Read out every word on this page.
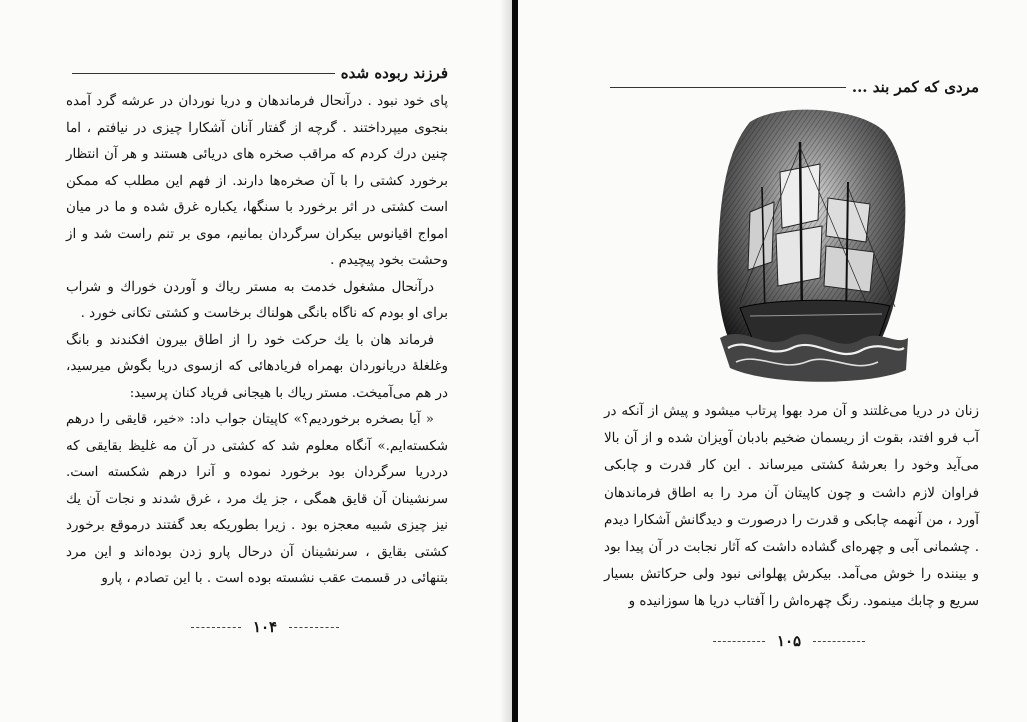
فرزند ربوده شده

پای خود نبود . درآنحال فرماندهان و دریا نوردان در عرشه گرد آمده بنجوی میپرداختند . گرچه از گفتار آنان آشکارا چیزی در نیافتم ، اما چنین درك کردم که مراقب صخره های دریائی هستند و هر آن انتظار برخورد کشتی را با آن صخره‌ها دارند. از فهم این مطلب که ممکن است کشتی در اثر برخورد با سنگها، یکباره غرق شده و ما در میان امواج اقیانوس بیکران سرگردان بمانیم، موی بر تنم راست شد و از وحشت بخود پیچیدم .

درآنحال مشغول خدمت به مستر ریاك و آوردن خوراك و شراب برای او بودم که ناگاه بانگی هولناك برخاست و کشتی تکانی خورد .

فرماند هان با یك حرکت خود را از اطاق بیرون افکندند و بانگ وغلغلهٔ دریانوردان بهمراه فریادهائی که ازسوی دریا بگوش میرسید، در هم می‌آمیخت. مستر ریاك با هیجانی فریاد کنان پرسید:

« آیا بصخره برخوردیم؟» کاپیتان جواب داد: «خیر، قایقی را درهم شکسته‌ایم.» آنگاه معلوم شد که کشتی در آن مه غلیظ بقایقی که دردریا سرگردان بود برخورد نموده و آنرا درهم شکسته است. سرنشینان آن قایق همگی ، جز یك مرد ، غرق شدند و نجات آن یك نیز چیزی شبیه معجزه بود . زیرا بطوریکه بعد گفتند درموقع برخورد کشتی بقایق ، سرنشینان آن درحال پارو زدن بوده‌اند و این مرد بتنهائی در قسمت عقب نشسته بوده است . با این تصادم ، پارو

۱۰۴
مردی که کمر بند ...

زنان در دریا می‌غلتند و آن مرد بهوا پرتاب میشود و پیش از آنکه در آب فرو افتد، بقوت از ریسمان ضخیم بادبان آویزان شده و از آن بالا می‌آید وخود را بعرشهٔ کشتی میرساند . این کار قدرت و چابکی فراوان لازم داشت و چون کاپیتان آن مرد را به اطاق فرماندهان آورد ، من آنهمه چابکی و قدرت را درصورت و دیدگانش آشکارا دیدم . چشمانی آبی و چهره‌ای گشاده داشت که آثار نجابت در آن پیدا بود و بیننده را خوش می‌آمد. بیکرش پهلوانی نبود ولی حرکاتش بسیار سریع و چابك مینمود. رنگ چهره‌اش را آفتاب دریا ها سوزانیده و

۱۰۵
